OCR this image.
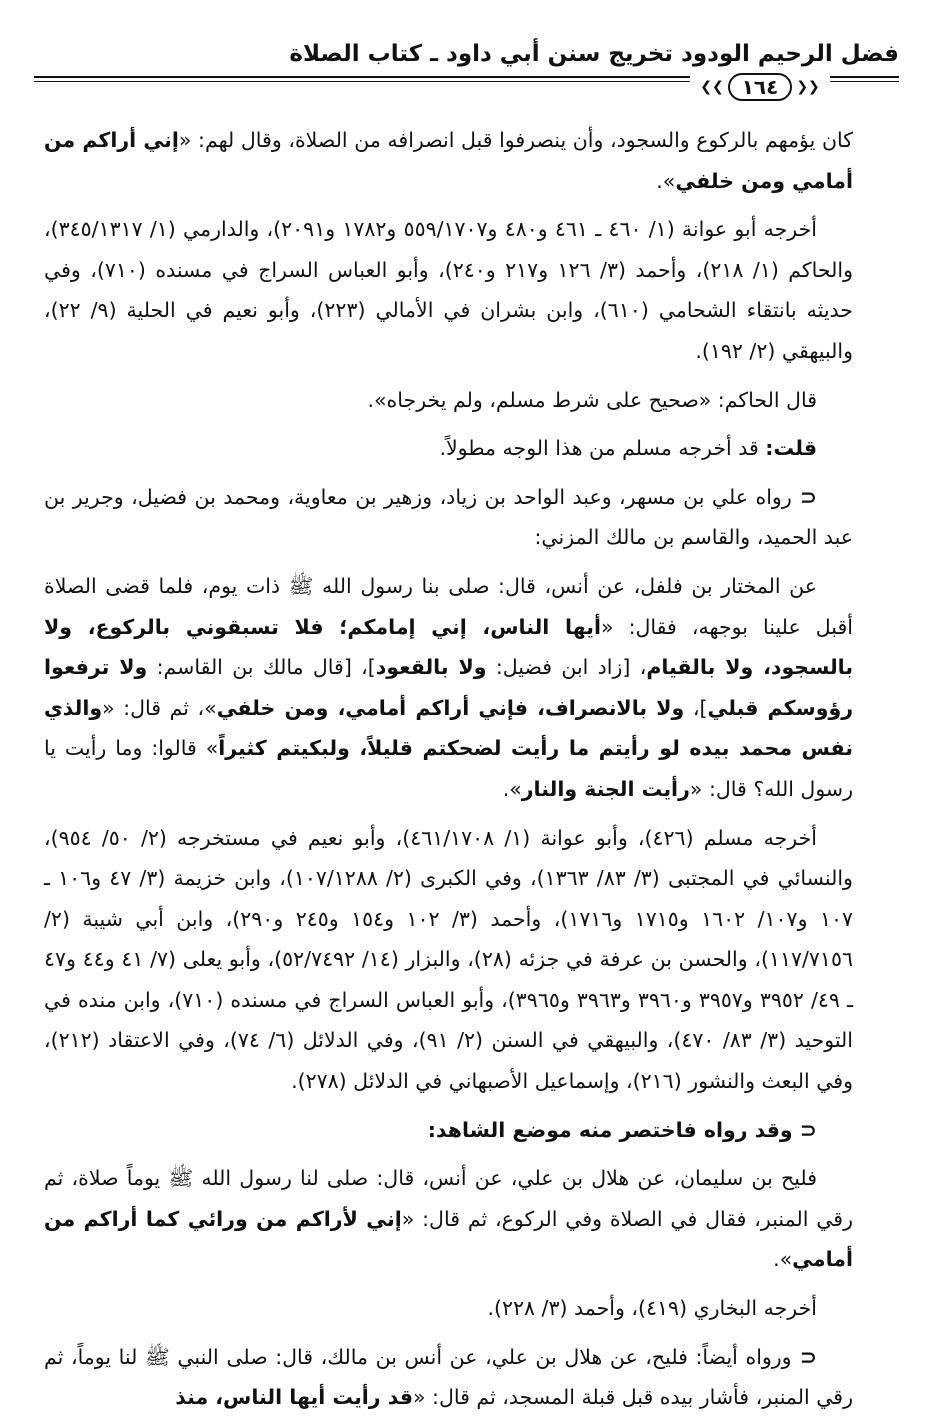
فضل الرحيم الودود تخريج سنن أبي داود ـ كتاب الصلاة
❮❮
١٦٤
❯❯

كان يؤمهم بالركوع والسجود، وأن ينصرفوا قبل انصرافه من الصلاة، وقال لهم: «إني أراكم من أمامي ومن خلفي».

أخرجه أبو عوانة (١/ ٤٦٠ ـ ٤٦١ و٤٨٠ و٥٥٩/١٧٠٧ و١٧٨٢ و٢٠٩١)، والدارمي (١/ ٣٤٥/١٣١٧)، والحاكم (١/ ٢١٨)، وأحمد (٣/ ١٢٦ و٢١٧ و٢٤٠)، وأبو العباس السراج في مسنده (٧١٠)، وفي حديثه بانتقاء الشحامي (٦١٠)، وابن بشران في الأمالي (٢٢٣)، وأبو نعيم في الحلية (٩/ ٢٢)، والبيهقي (٢/ ١٩٢).

قال الحاكم: «صحيح على شرط مسلم، ولم يخرجاه».

قلت: قد أخرجه مسلم من هذا الوجه مطولاً.

⊂ رواه علي بن مسهر، وعبد الواحد بن زياد، وزهير بن معاوية، ومحمد بن فضيل، وجرير بن عبد الحميد، والقاسم بن مالك المزني:

عن المختار بن فلفل، عن أنس، قال: صلى بنا رسول الله ﷺ ذات يوم، فلما قضى الصلاة أقبل علينا بوجهه، فقال: «أيها الناس، إني إمامكم؛ فلا تسبقوني بالركوع، ولا بالسجود، ولا بالقيام، [زاد ابن فضيل: ولا بالقعود]، [قال مالك بن القاسم: ولا ترفعوا رؤوسكم قبلي]، ولا بالانصراف، فإني أراكم أمامي، ومن خلفي»، ثم قال: «والذي نفس محمد بيده لو رأيتم ما رأيت لضحكتم قليلاً، ولبكيتم كثيراً» قالوا: وما رأيت يا رسول الله؟ قال: «رأيت الجنة والنار».

أخرجه مسلم (٤٢٦)، وأبو عوانة (١/ ٤٦١/١٧٠٨)، وأبو نعيم في مستخرجه (٢/ ٥٠/ ٩٥٤)، والنسائي في المجتبى (٣/ ٨٣/ ١٣٦٣)، وفي الكبرى (٢/ ١٠٧/١٢٨٨)، وابن خزيمة (٣/ ٤٧ و١٠٦ ـ ١٠٧ و١٠٧/ ١٦٠٢ و١٧١٥ و١٧١٦)، وأحمد (٣/ ١٠٢ و١٥٤ و٢٤٥ و٢٩٠)، وابن أبي شيبة (٢/ ١١٧/٧١٥٦)، والحسن بن عرفة في جزئه (٢٨)، والبزار (١٤/ ٥٢/٧٤٩٢)، وأبو يعلى (٧/ ٤١ و٤٤ و٤٧ ـ ٤٩/ ٣٩٥٢ و٣٩٥٧ و٣٩٦٠ و٣٩٦٣ و٣٩٦٥)، وأبو العباس السراج في مسنده (٧١٠)، وابن منده في التوحيد (٣/ ٨٣/ ٤٧٠)، والبيهقي في السنن (٢/ ٩١)، وفي الدلائل (٦/ ٧٤)، وفي الاعتقاد (٢١٢)، وفي البعث والنشور (٢١٦)، وإسماعيل الأصبهاني في الدلائل (٢٧٨).

⊂ وقد رواه فاختصر منه موضع الشاهد:

فليح بن سليمان، عن هلال بن علي، عن أنس، قال: صلى لنا رسول الله ﷺ يوماً صلاة، ثم رقي المنبر، فقال في الصلاة وفي الركوع، ثم قال: «إني لأراكم من ورائي كما أراكم من أمامي».

أخرجه البخاري (٤١٩)، وأحمد (٣/ ٢٢٨).

⊂ ورواه أيضاً: فليح، عن هلال بن علي، عن أنس بن مالك، قال: صلى النبي ﷺ لنا يوماً، ثم رقي المنبر، فأشار بيده قبل قبلة المسجد، ثم قال: «قد رأيت أيها الناس، منذ
